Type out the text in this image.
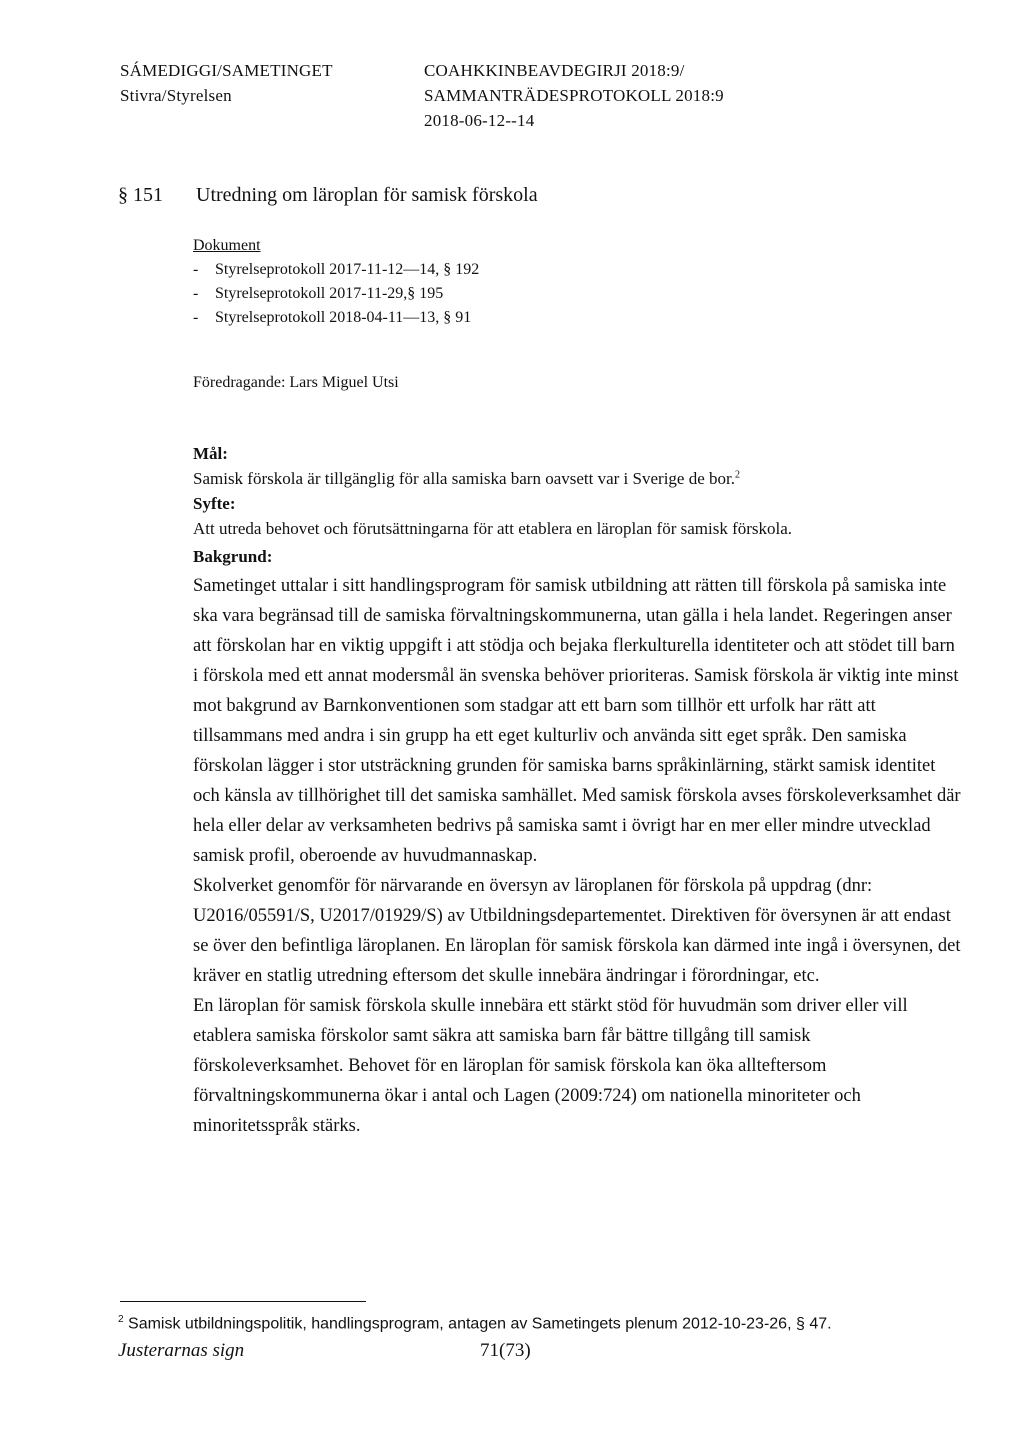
SÁMEDIGGI/SAMETINGET
Stivra/Styrelsen
COAHKKINBEAVDEGIRJI 2018:9/
SAMMANTRÄDESPROTOKOLL 2018:9
2018-06-12--14
§ 151 Utredning om läroplan för samisk förskola
Dokument
- Styrelseprotokoll 2017-11-12—14, § 192
- Styrelseprotokoll 2017-11-29,§ 195
- Styrelseprotokoll 2018-04-11—13, § 91
Föredragande: Lars Miguel Utsi
Mål:
Samisk förskola är tillgänglig för alla samiska barn oavsett var i Sverige de bor.$^2$
Syfte:
Att utreda behovet och förutsättningarna för att etablera en läroplan för samisk förskola.
Bakgrund:

Sametinget uttalar i sitt handlingsprogram för samisk utbildning att rätten till förskola på samiska inte ska vara begränsad till de samiska förvaltningskommunerna, utan gälla i hela landet. Regeringen anser att förskolan har en viktig uppgift i att stödja och bejaka flerkulturella identiteter och att stödet till barn i förskola med ett annat modersmål än svenska behöver prioriteras. Samisk förskola är viktig inte minst mot bakgrund av Barnkonventionen som stadgar att ett barn som tillhör ett urfolk har rätt att tillsammans med andra i sin grupp ha ett eget kulturliv och använda sitt eget språk. Den samiska förskolan lägger i stor utsträckning grunden för samiska barns språkinlärning, stärkt samisk identitet och känsla av tillhörighet till det samiska samhället. Med samisk förskola avses förskoleverksamhet där hela eller delar av verksamheten bedrivs på samiska samt i övrigt har en mer eller mindre utvecklad samisk profil, oberoende av huvudmannaskap.

Skolverket genomför för närvarande en översyn av läroplanen för förskola på uppdrag (dnr: U2016/05591/S, U2017/01929/S) av Utbildningsdepartementet. Direktiven för översynen är att endast se över den befintliga läroplanen. En läroplan för samisk förskola kan därmed inte ingå i översynen, det kräver en statlig utredning eftersom det skulle innebära ändringar i förordningar, etc.

En läroplan för samisk förskola skulle innebära ett stärkt stöd för huvudmän som driver eller vill etablera samiska förskolor samt säkra att samiska barn får bättre tillgång till samisk förskoleverksamhet. Behovet för en läroplan för samisk förskola kan öka allteftersom förvaltningskommunerna ökar i antal och Lagen (2009:724) om nationella minoriteter och minoritetsspråk stärks.

$^2$ Samisk utbildningspolitik, handlingsprogram, antagen av Sametingets plenum 2012-10-23-26, § 47.
Justerarnas sign	71(73)
